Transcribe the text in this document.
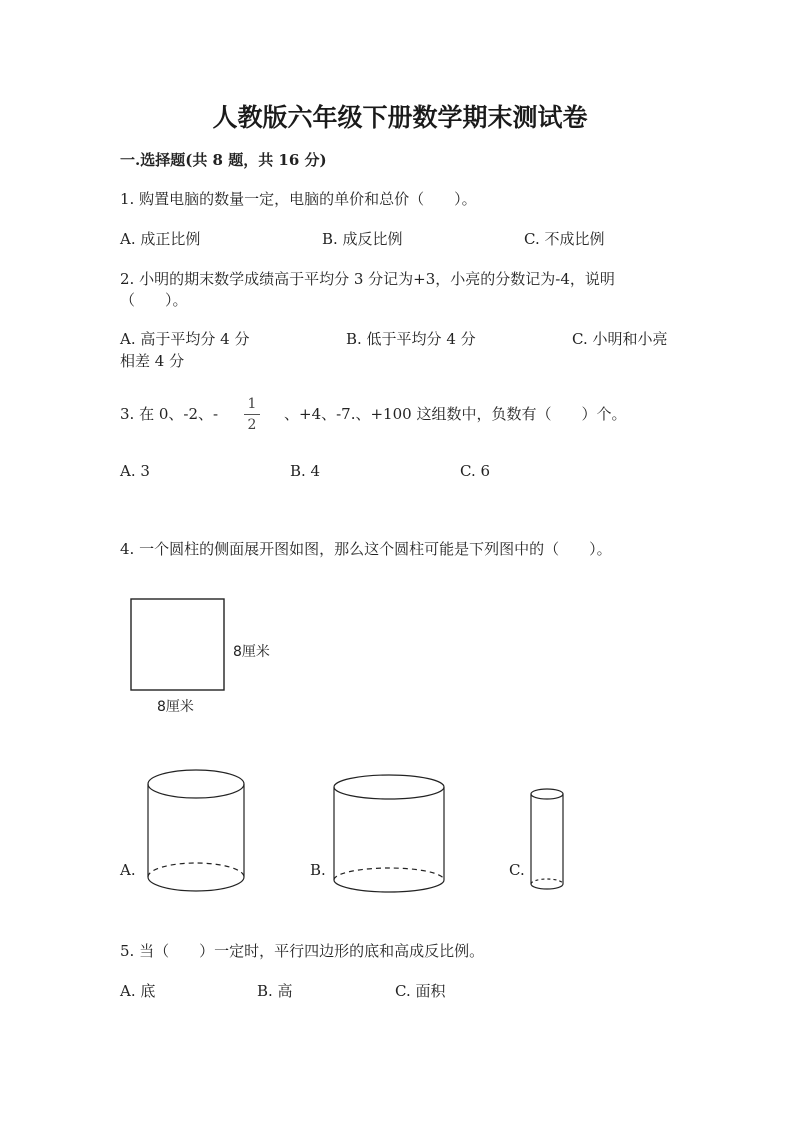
人教版六年级下册数学期末测试卷
一.选择题(共 8 题，共 16 分)
1. 购置电脑的数量一定，电脑的单价和总价（　　）。
A. 成正比例	B. 成反比例	C. 不成比例
2. 小明的期末数学成绩高于平均分 3 分记为+3，小亮的分数记为-4，说明
（　　）。
A. 高于平均分 4 分	B. 低于平均分 4 分	C. 小明和小亮
相差 4 分
3. 在 0、-2、-
1
2
、+4、-7.、+100 这组数中，负数有（　　）个。
A. 3	B. 4	C. 6
4. 一个圆柱的侧面展开图如图，那么这个圆柱可能是下列图中的（　　）。
8厘米
8厘米
A.	B.	C.
5. 当（　　）一定时，平行四边形的底和高成反比例。
A. 底	B. 高	C. 面积
